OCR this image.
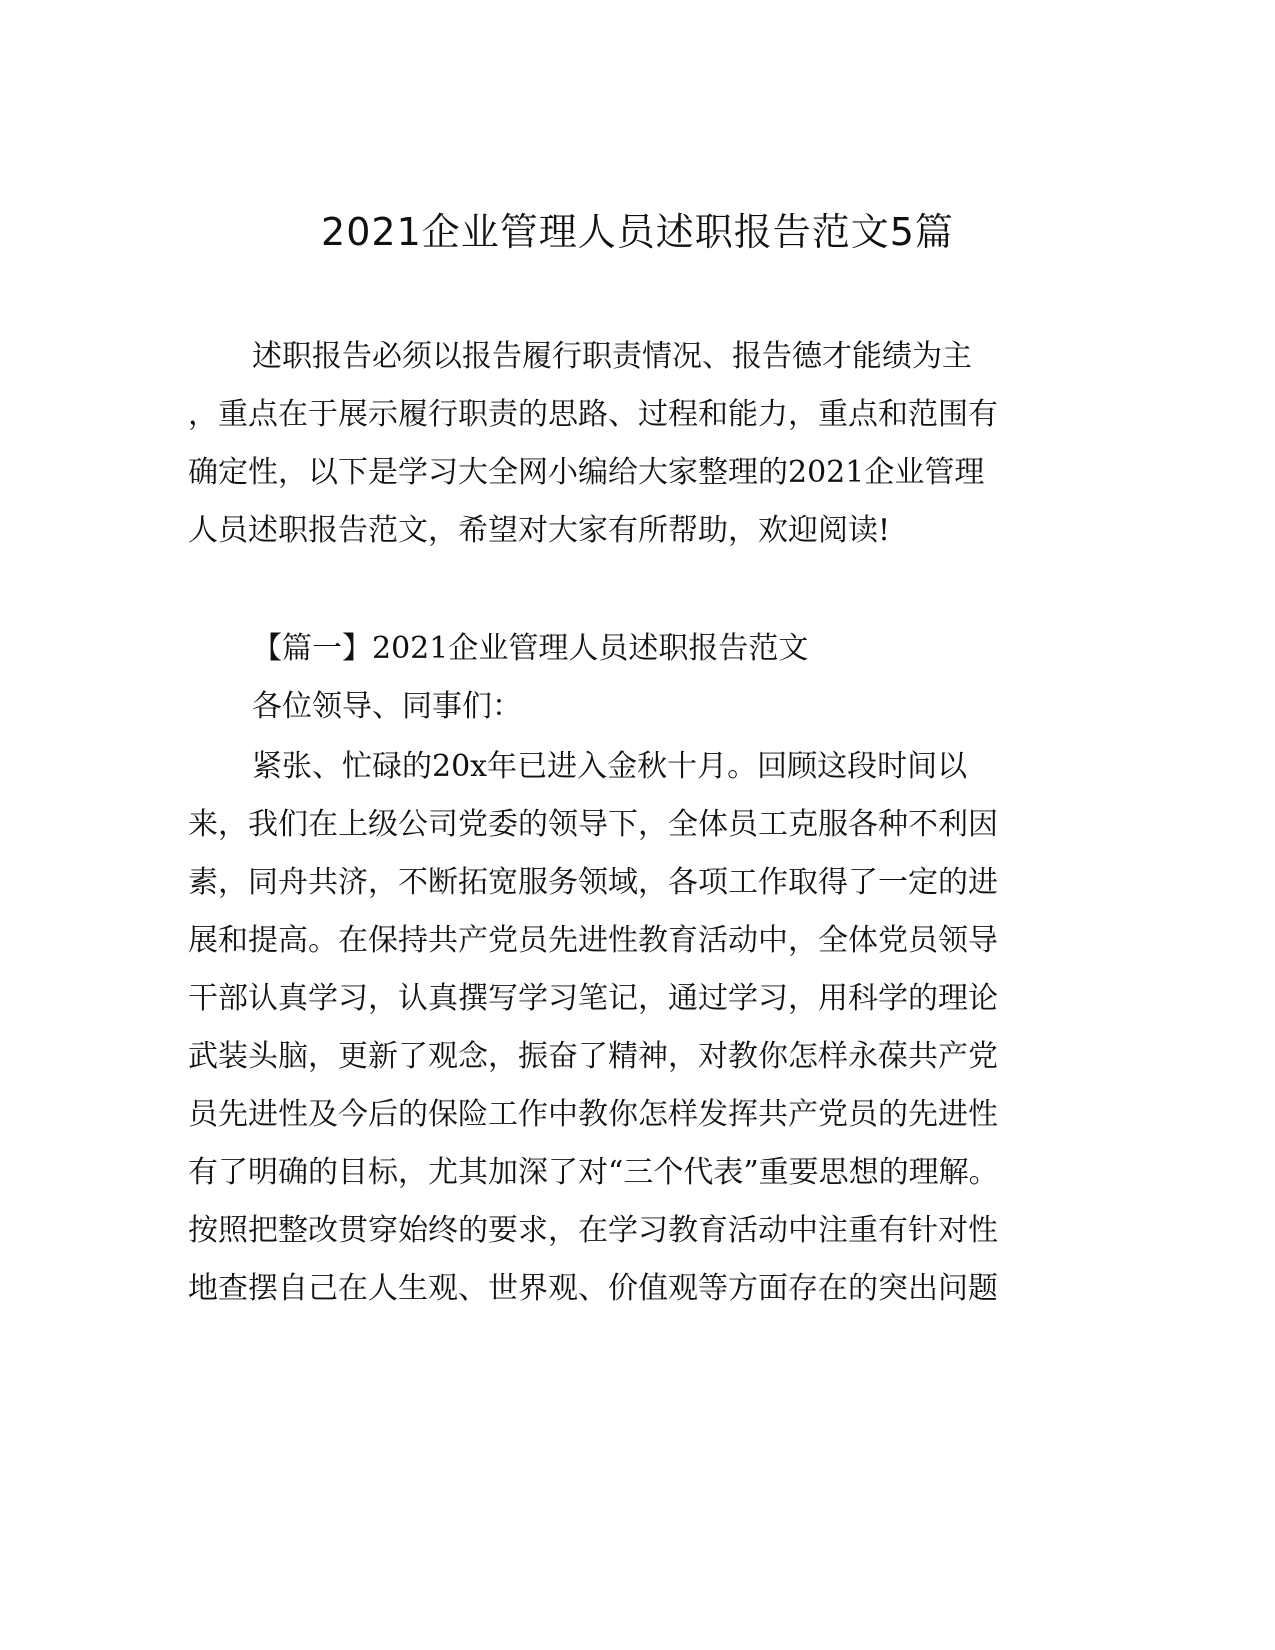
2021企业管理人员述职报告范文5篇
述职报告必须以报告履行职责情况、报告德才能绩为主
，重点在于展示履行职责的思路、过程和能力，重点和范围有
确定性，以下是学习大全网小编给大家整理的2021企业管理
人员述职报告范文，希望对大家有所帮助，欢迎阅读!
【篇一】2021企业管理人员述职报告范文
各位领导、同事们：
紧张、忙碌的20x年已进入金秋十月。回顾这段时间以
来，我们在上级公司党委的领导下，全体员工克服各种不利因
素，同舟共济，不断拓宽服务领域，各项工作取得了一定的进
展和提高。在保持共产党员先进性教育活动中，全体党员领导
干部认真学习，认真撰写学习笔记，通过学习，用科学的理论
武装头脑，更新了观念，振奋了精神，对教你怎样永葆共产党
员先进性及今后的保险工作中教你怎样发挥共产党员的先进性
有了明确的目标，尤其加深了对“三个代表”重要思想的理解。
按照把整改贯穿始终的要求，在学习教育活动中注重有针对性
地查摆自己在人生观、世界观、价值观等方面存在的突出问题
